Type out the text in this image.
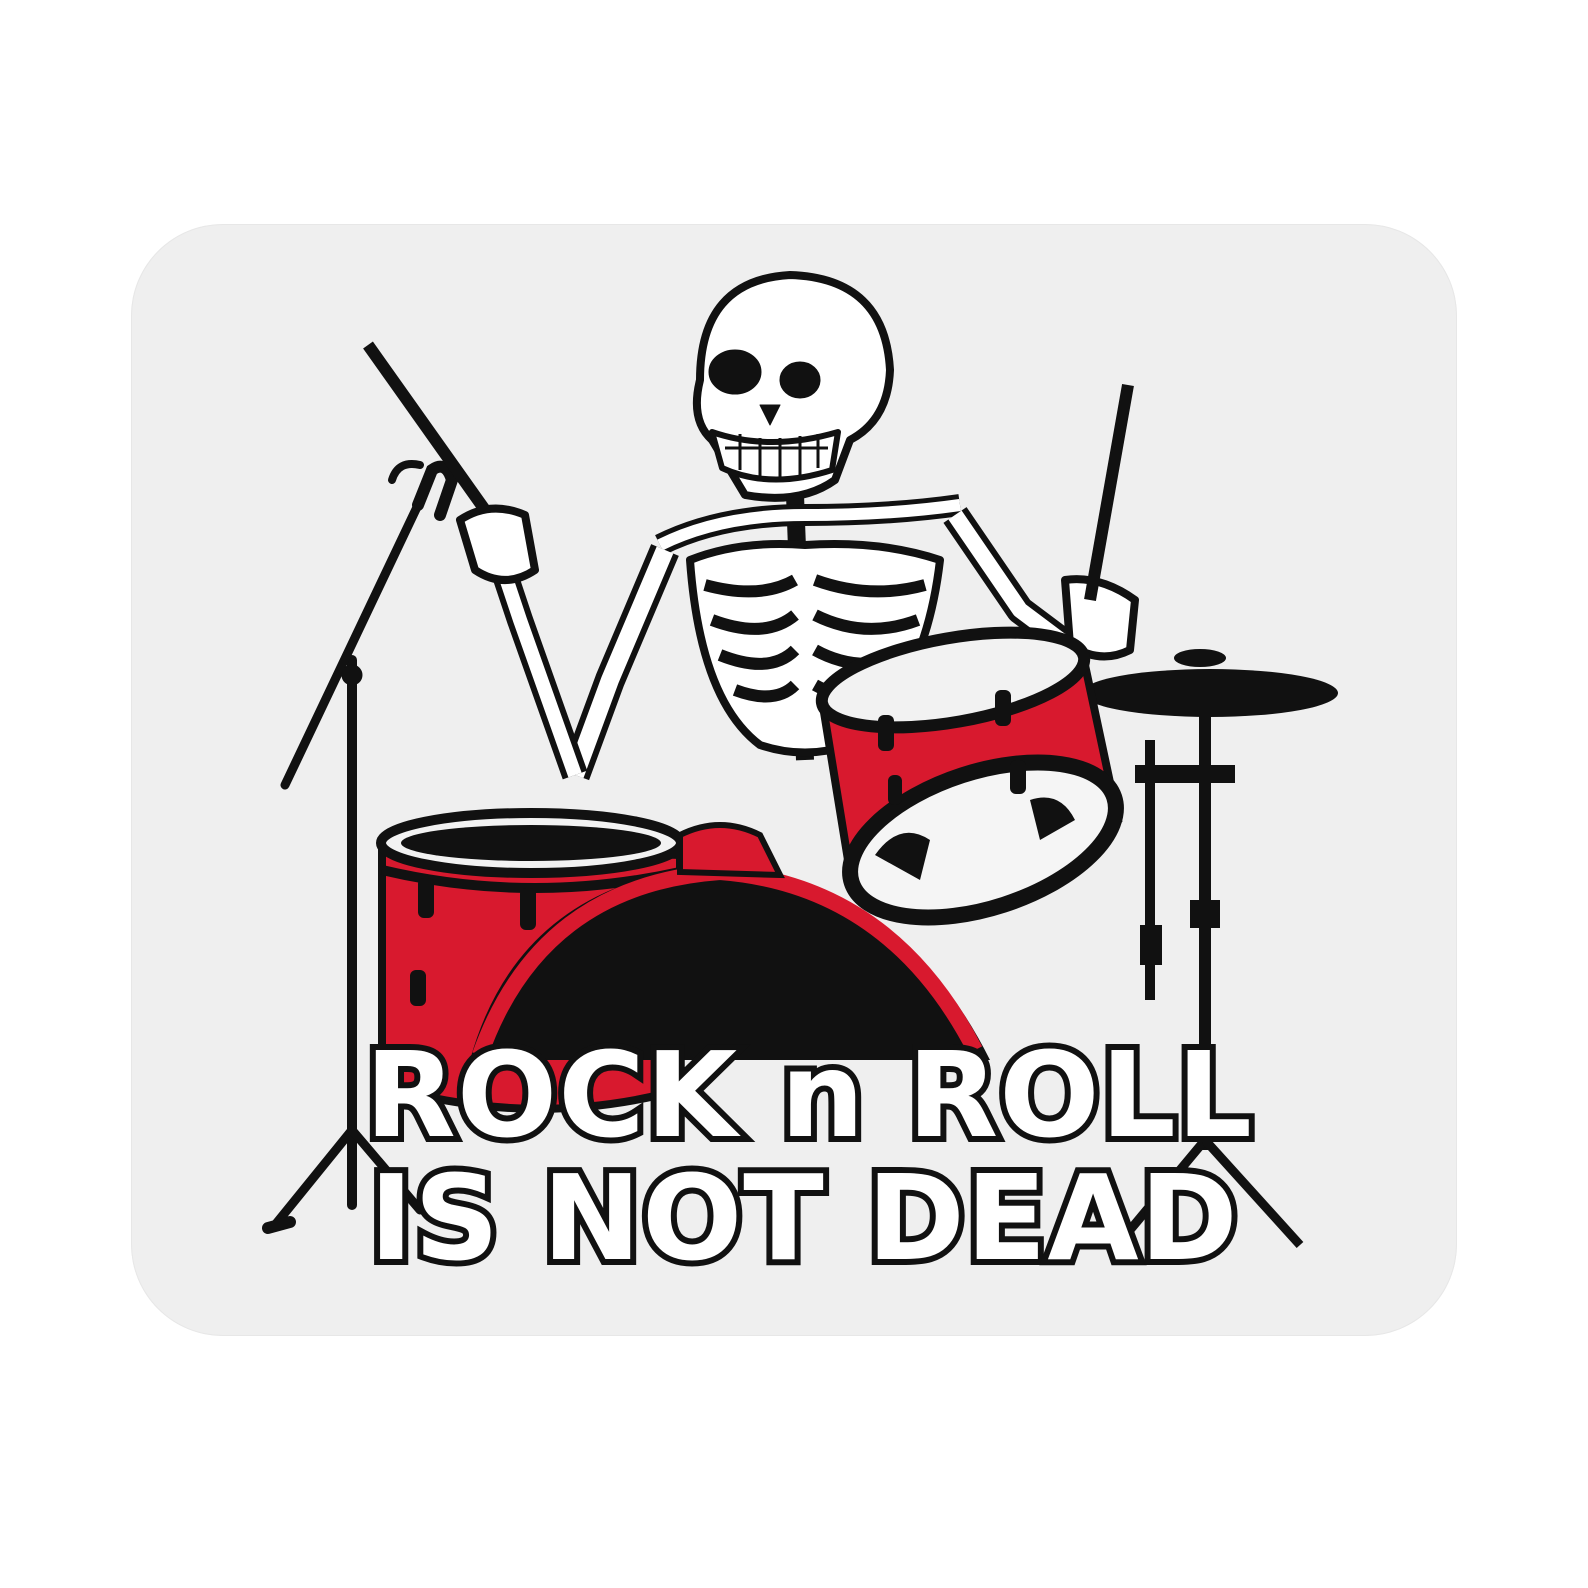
ROCK n ROLL
IS NOT DEAD
